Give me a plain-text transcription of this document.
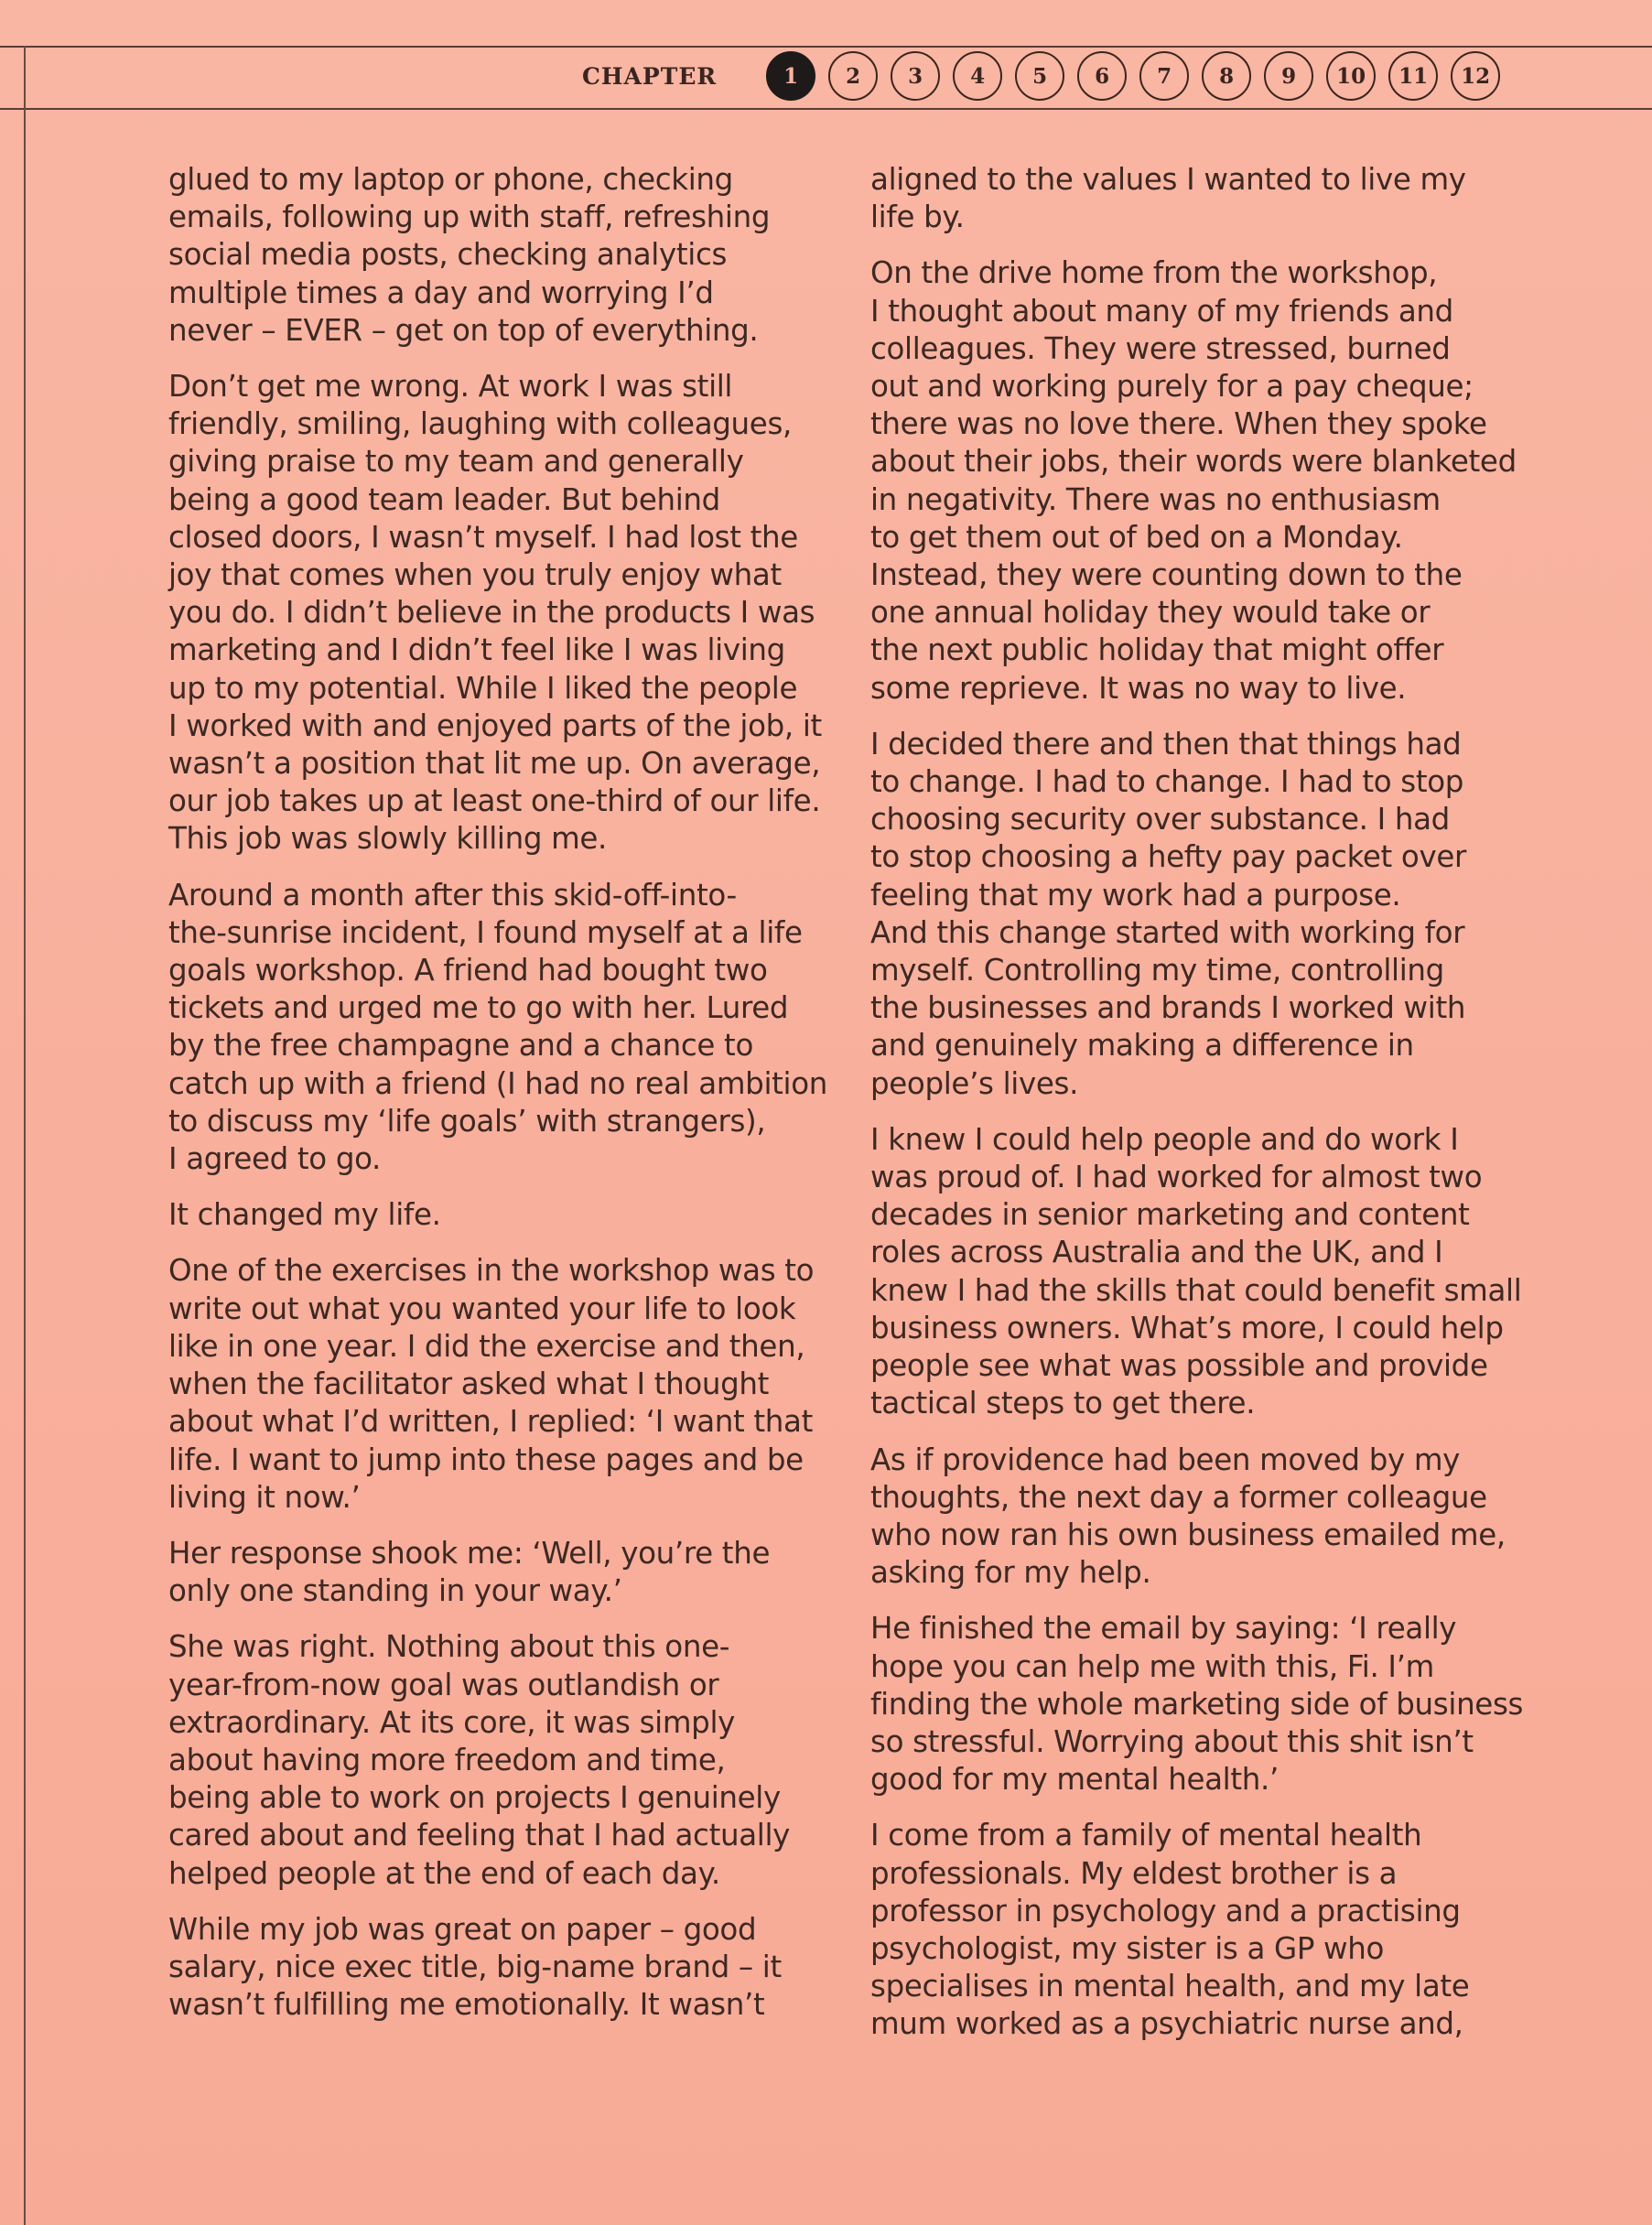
CHAPTER	1	2	3	4	5	6	7	8	9	10	11	12

glued to my laptop or phone, checking
emails, following up with staff, refreshing
social media posts, checking analytics
multiple times a day and worrying I’d
never – EVER – get on top of everything.

Don’t get me wrong. At work I was still
friendly, smiling, laughing with colleagues,
giving praise to my team and generally
being a good team leader. But behind
closed doors, I wasn’t myself. I had lost the
joy that comes when you truly enjoy what
you do. I didn’t believe in the products I was
marketing and I didn’t feel like I was living
up to my potential. While I liked the people
I worked with and enjoyed parts of the job, it
wasn’t a position that lit me up. On average,
our job takes up at least one-third of our life.
This job was slowly killing me.

Around a month after this skid-off-into-
the-sunrise incident, I found myself at a life
goals workshop. A friend had bought two
tickets and urged me to go with her. Lured
by the free champagne and a chance to
catch up with a friend (I had no real ambition
to discuss my ‘life goals’ with strangers),
I agreed to go.

It changed my life.

One of the exercises in the workshop was to
write out what you wanted your life to look
like in one year. I did the exercise and then,
when the facilitator asked what I thought
about what I’d written, I replied: ‘I want that
life. I want to jump into these pages and be
living it now.’

Her response shook me: ‘Well, you’re the
only one standing in your way.’

She was right. Nothing about this one-
year-from-now goal was outlandish or
extraordinary. At its core, it was simply
about having more freedom and time,
being able to work on projects I genuinely
cared about and feeling that I had actually
helped people at the end of each day.

While my job was great on paper – good
salary, nice exec title, big-name brand – it
wasn’t fulfilling me emotionally. It wasn’t

aligned to the values I wanted to live my
life by.

On the drive home from the workshop,
I thought about many of my friends and
colleagues. They were stressed, burned
out and working purely for a pay cheque;
there was no love there. When they spoke
about their jobs, their words were blanketed
in negativity. There was no enthusiasm
to get them out of bed on a Monday.
Instead, they were counting down to the
one annual holiday they would take or
the next public holiday that might offer
some reprieve. It was no way to live.

I decided there and then that things had
to change. I had to change. I had to stop
choosing security over substance. I had
to stop choosing a hefty pay packet over
feeling that my work had a purpose.
And this change started with working for
myself. Controlling my time, controlling
the businesses and brands I worked with
and genuinely making a difference in
people’s lives.

I knew I could help people and do work I
was proud of. I had worked for almost two
decades in senior marketing and content
roles across Australia and the UK, and I
knew I had the skills that could benefit small
business owners. What’s more, I could help
people see what was possible and provide
tactical steps to get there.

As if providence had been moved by my
thoughts, the next day a former colleague
who now ran his own business emailed me,
asking for my help.

He finished the email by saying: ‘I really
hope you can help me with this, Fi. I’m
finding the whole marketing side of business
so stressful. Worrying about this shit isn’t
good for my mental health.’

I come from a family of mental health
professionals. My eldest brother is a
professor in psychology and a practising
psychologist, my sister is a GP who
specialises in mental health, and my late
mum worked as a psychiatric nurse and,
